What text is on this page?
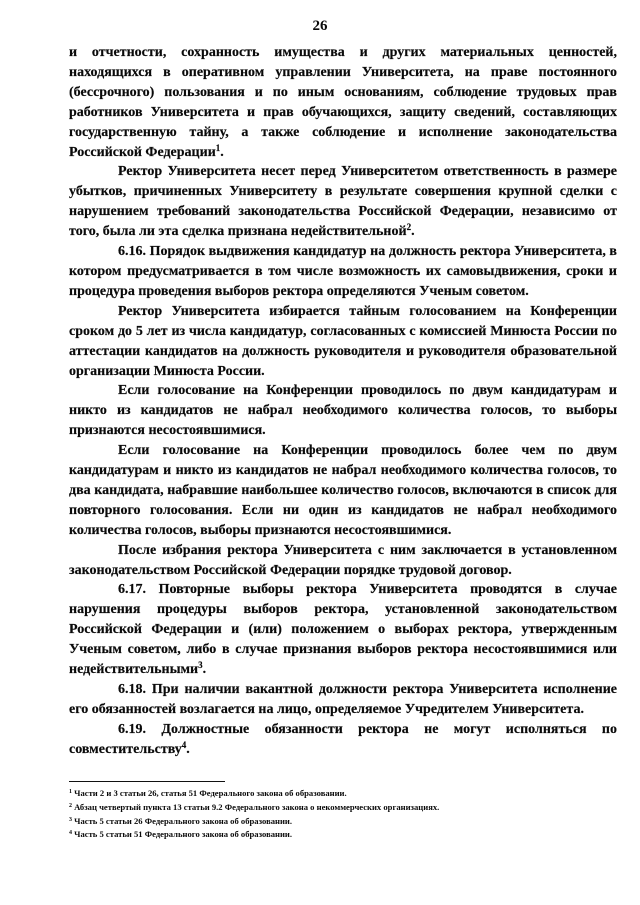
26

и отчетности, сохранность имущества и других материальных ценностей, находящихся в оперативном управлении Университета, на праве постоянного (бессрочного) пользования и по иным основаниям, соблюдение трудовых прав работников Университета и прав обучающихся, защиту сведений, составляющих государственную тайну, а также соблюдение и исполнение законодательства Российской Федерации$^1$.

Ректор Университета несет перед Университетом ответственность в размере убытков, причиненных Университету в результате совершения крупной сделки с нарушением требований законодательства Российской Федерации, независимо от того, была ли эта сделка признана недействительной$^2$.

6.16. Порядок выдвижения кандидатур на должность ректора Университета, в котором предусматривается в том числе возможность их самовыдвижения, сроки и процедура проведения выборов ректора определяются Ученым советом.

Ректор Университета избирается тайным голосованием на Конференции сроком до 5 лет из числа кандидатур, согласованных с комиссией Минюста России по аттестации кандидатов на должность руководителя и руководителя образовательной организации Минюста России.

Если голосование на Конференции проводилось по двум кандидатурам и никто из кандидатов не набрал необходимого количества голосов, то выборы признаются несостоявшимися.

Если голосование на Конференции проводилось более чем по двум кандидатурам и никто из кандидатов не набрал необходимого количества голосов, то два кандидата, набравшие наибольшее количество голосов, включаются в список для повторного голосования. Если ни один из кандидатов не набрал необходимого количества голосов, выборы признаются несостоявшимися.

После избрания ректора Университета с ним заключается в установленном законодательством Российской Федерации порядке трудовой договор.

6.17. Повторные выборы ректора Университета проводятся в случае нарушения процедуры выборов ректора, установленной законодательством Российской Федерации и (или) положением о выборах ректора, утвержденным Ученым советом, либо в случае признания выборов ректора несостоявшимися или недействительными$^3$.

6.18. При наличии вакантной должности ректора Университета исполнение его обязанностей возлагается на лицо, определяемое Учредителем Университета.

6.19. Должностные обязанности ректора не могут исполняться по совместительству$^4$.

$^1$ Части 2 и 3 статьи 26, статья 51 Федерального закона об образовании.

$^2$ Абзац четвертый пункта 13 статьи 9.2 Федерального закона о некоммерческих организациях.

$^3$ Часть 5 статьи 26 Федерального закона об образовании.

$^4$ Часть 5 статьи 51 Федерального закона об образовании.
